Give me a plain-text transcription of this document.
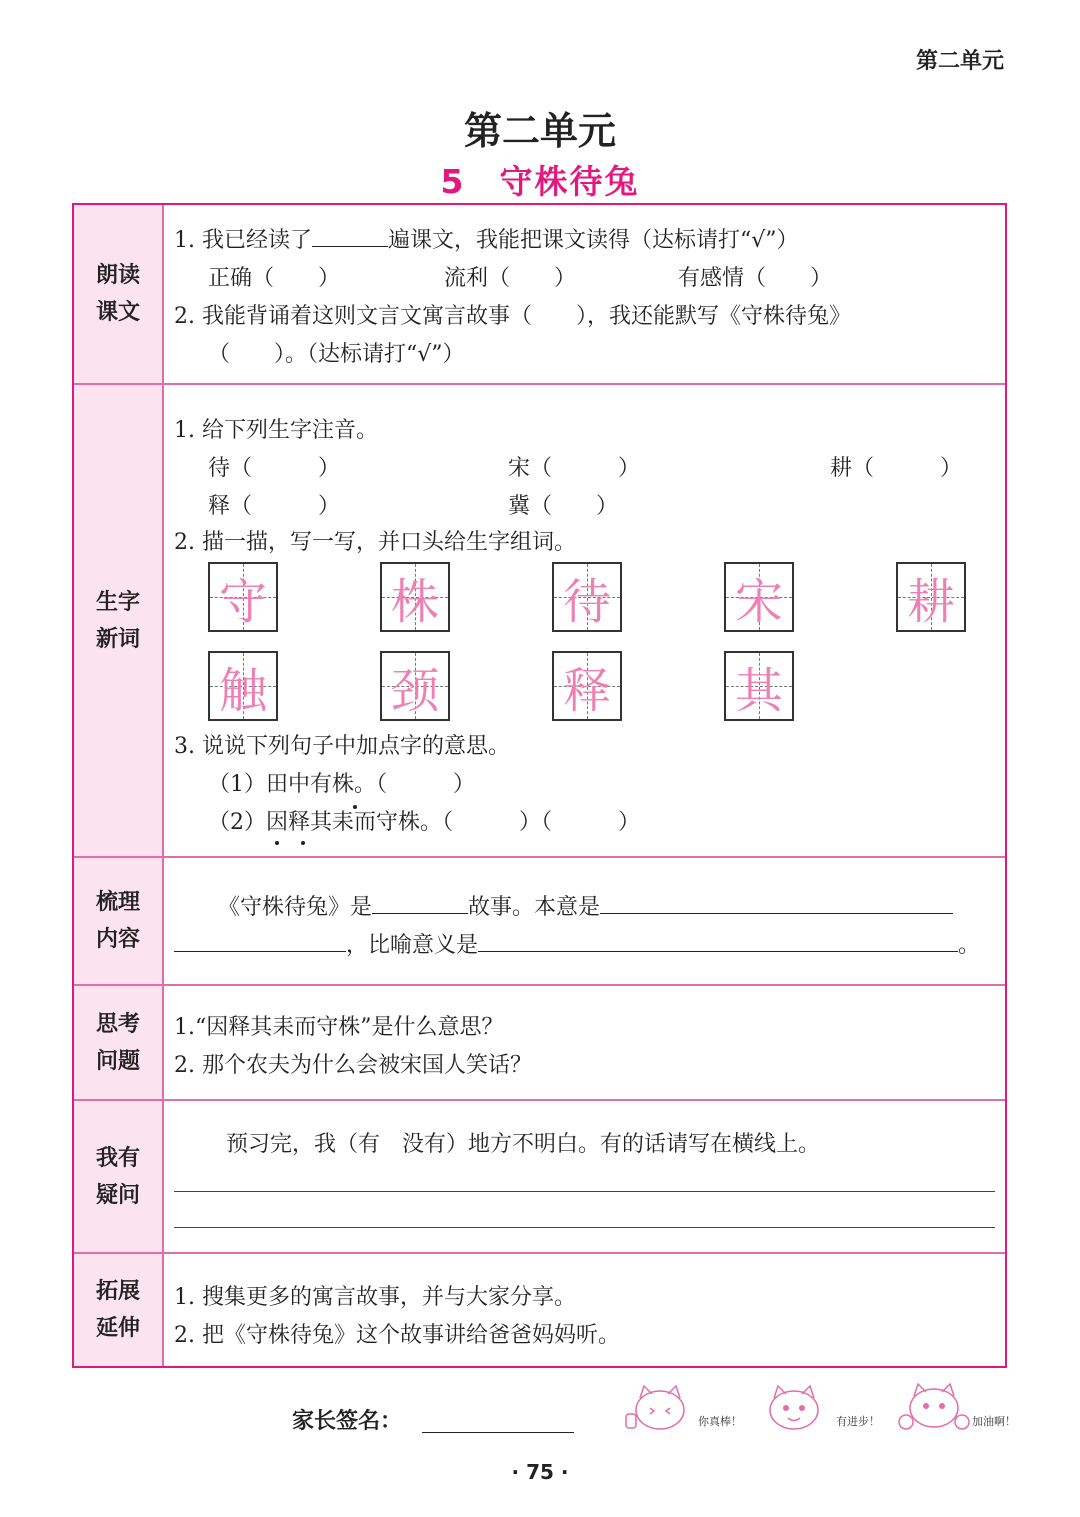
第二单元
第二单元
5 守株待兔
朗读
课文
1. 我已经读了	遍课文，我能把课文读得（达标请打“√”）
正确（　　）	流利（　　）	有感情（　　）
2. 我能背诵着这则文言文寓言故事（　　），我还能默写《守株待兔》
（　　）。（达标请打“√”）
生字
新词
1. 给下列生字注音。
待（　　　）	宋（　　　）	耕（　　　）
释（　　　）	冀（　　）
2. 描一描，写一写，并口头给生字组词。
守	株	待	宋	耕
触	颈	释	其
3. 说说下列句子中加点字的意思。
（1）田中有株。（　　　）
（2）因释其耒而守株。（　　　）（　　　）
梳理
内容
《守株待兔》是	故事。本意是
，比喻意义是	。
思考
问题
1.“因释其耒而守株”是什么意思？
2. 那个农夫为什么会被宋国人笑话？
我有
疑问
预习完，我（有　没有）地方不明白。有的话请写在横线上。
拓展
延伸
1. 搜集更多的寓言故事，并与大家分享。
2. 把《守株待兔》这个故事讲给爸爸妈妈听。
家长签名：	你真棒！	有进步！	加油啊！
· 75 ·
